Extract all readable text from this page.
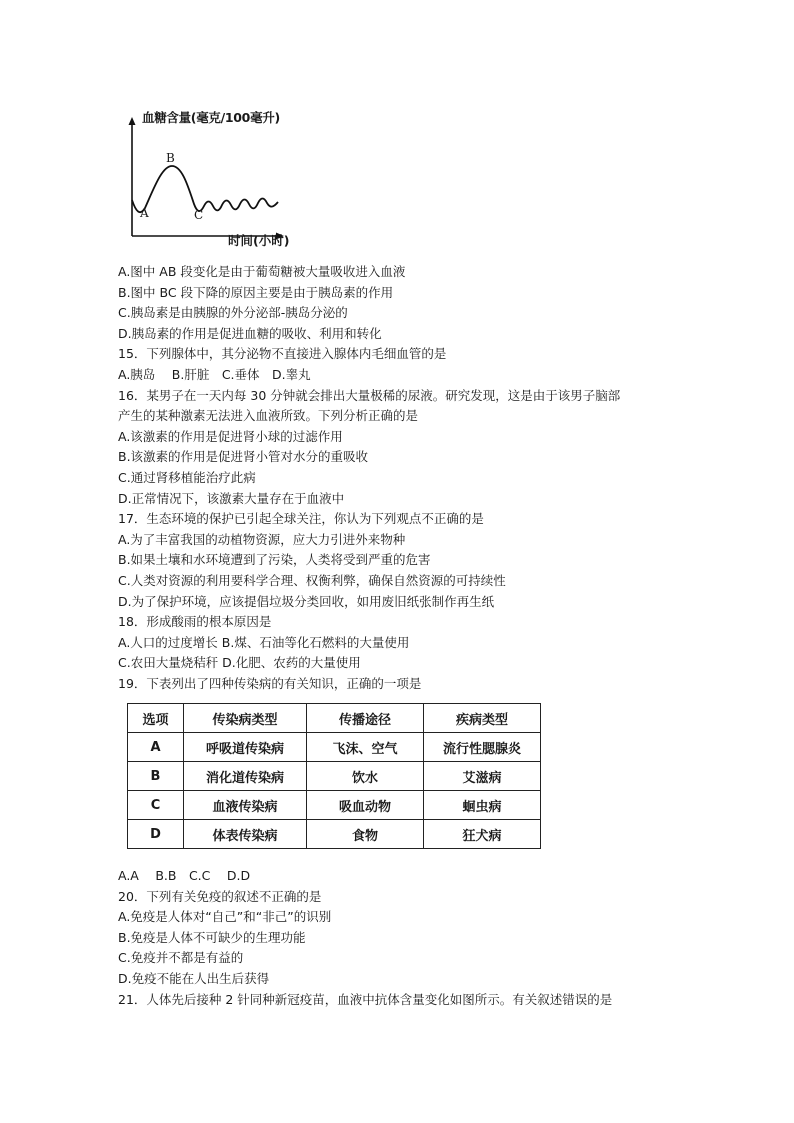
血糖含量(毫克/100毫升)
时间(小时)
A
B
C
A.图中 AB 段变化是由于葡萄糖被大量吸收进入血液
B.图中 BC 段下降的原因主要是由于胰岛素的作用
C.胰岛素是由胰腺的外分泌部-胰岛分泌的
D.胰岛素的作用是促进血糖的吸收、利用和转化
15．下列腺体中，其分泌物不直接进入腺体内毛细血管的是
A.胰岛　 B.肝脏　C.垂体　D.睾丸
16．某男子在一天内每 30 分钟就会排出大量极稀的尿液。研究发现，这是由于该男子脑部
产生的某种激素无法进入血液所致。下列分析正确的是
A.该激素的作用是促进肾小球的过滤作用
B.该激素的作用是促进肾小管对水分的重吸收
C.通过肾移植能治疗此病
D.正常情况下，该激素大量存在于血液中
17．生态环境的保护已引起全球关注，你认为下列观点不正确的是
A.为了丰富我国的动植物资源，应大力引进外来物种
B.如果土壤和水环境遭到了污染，人类将受到严重的危害
C.人类对资源的利用要科学合理、权衡利弊，确保自然资源的可持续性
D.为了保护环境，应该提倡垃圾分类回收，如用废旧纸张制作再生纸
18．形成酸雨的根本原因是
A.人口的过度增长 B.煤、石油等化石燃料的大量使用
C.农田大量烧秸秆 D.化肥、农药的大量使用
19．下表列出了四种传染病的有关知识，正确的一项是
选项	传染病类型	传播途径	疾病类型
A	呼吸道传染病	飞沫、空气	流行性腮腺炎
B	消化道传染病	饮水	艾滋病
C	血液传染病	吸血动物	蛔虫病
D	体表传染病	食物	狂犬病
A.A　 B.B　C.C　 D.D
20．下列有关免疫的叙述不正确的是
A.免疫是人体对“自己”和“非己”的识别
B.免疫是人体不可缺少的生理功能
C.免疫并不都是有益的
D.免疫不能在人出生后获得
21．人体先后接种 2 针同种新冠疫苗，血液中抗体含量变化如图所示。有关叙述错误的是
